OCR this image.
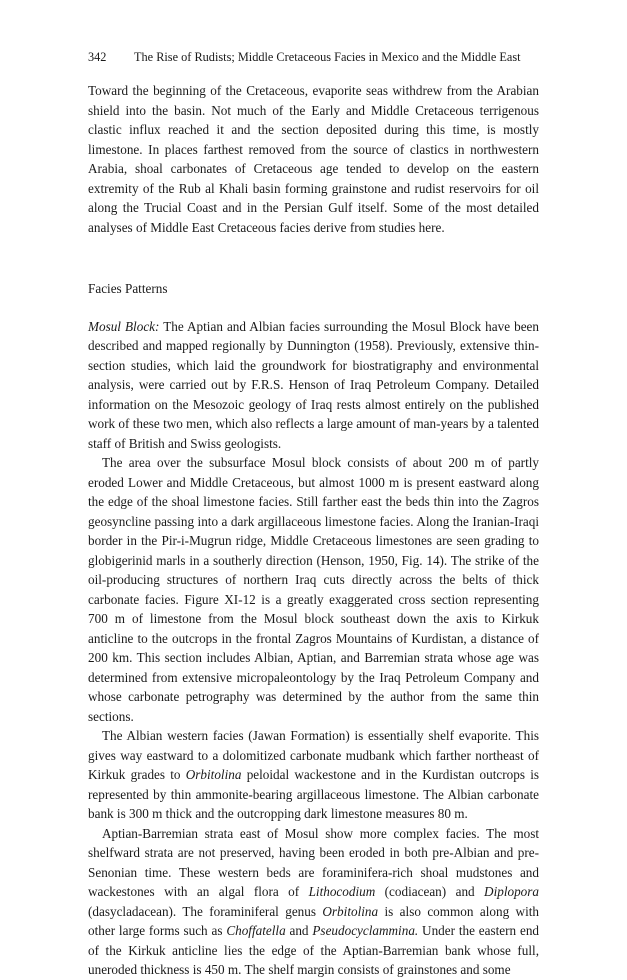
342	The Rise of Rudists; Middle Cretaceous Facies in Mexico and the Middle East

Toward the beginning of the Cretaceous, evaporite seas withdrew from the Arabian shield into the basin. Not much of the Early and Middle Cretaceous terrigenous clastic influx reached it and the section deposited during this time, is mostly limestone. In places farthest removed from the source of clastics in northwestern Arabia, shoal carbonates of Cretaceous age tended to develop on the eastern extremity of the Rub al Khali basin forming grainstone and rudist reservoirs for oil along the Trucial Coast and in the Persian Gulf itself. Some of the most detailed analyses of Middle East Cretaceous facies derive from studies here.

Facies Patterns

Mosul Block: The Aptian and Albian facies surrounding the Mosul Block have been described and mapped regionally by Dunnington (1958). Previously, extensive thin-section studies, which laid the groundwork for biostratigraphy and environmental analysis, were carried out by F.R.S. Henson of Iraq Petroleum Company. Detailed information on the Mesozoic geology of Iraq rests almost entirely on the published work of these two men, which also reflects a large amount of man-years by a talented staff of British and Swiss geologists.

The area over the subsurface Mosul block consists of about 200 m of partly eroded Lower and Middle Cretaceous, but almost 1000 m is present eastward along the edge of the shoal limestone facies. Still farther east the beds thin into the Zagros geosyncline passing into a dark argillaceous limestone facies. Along the Iranian-Iraqi border in the Pir-i-Mugrun ridge, Middle Cretaceous limestones are seen grading to globigerinid marls in a southerly direction (Henson, 1950, Fig. 14). The strike of the oil-producing structures of northern Iraq cuts directly across the belts of thick carbonate facies. Figure XI-12 is a greatly exaggerated cross section representing 700 m of limestone from the Mosul block southeast down the axis to Kirkuk anticline to the outcrops in the frontal Zagros Mountains of Kurdistan, a distance of 200 km. This section includes Albian, Aptian, and Barremian strata whose age was determined from extensive micropaleontology by the Iraq Petroleum Company and whose carbonate petrography was determined by the author from the same thin sections.

The Albian western facies (Jawan Formation) is essentially shelf evaporite. This gives way eastward to a dolomitized carbonate mudbank which farther northeast of Kirkuk grades to Orbitolina peloidal wackestone and in the Kurdistan outcrops is represented by thin ammonite-bearing argillaceous limestone. The Albian carbonate bank is 300 m thick and the outcropping dark limestone measures 80 m.

Aptian-Barremian strata east of Mosul show more complex facies. The most shelfward strata are not preserved, having been eroded in both pre-Albian and pre-Senonian time. These western beds are foraminifera-rich shoal mudstones and wackestones with an algal flora of Lithocodium (codiacean) and Diplopora (dasycladacean). The foraminiferal genus Orbitolina is also common along with other large forms such as Choffatella and Pseudocyclammina. Under the eastern end of the Kirkuk anticline lies the edge of the Aptian-Barremian bank whose full, uneroded thickness is 450 m. The shelf margin consists of grainstones and some
